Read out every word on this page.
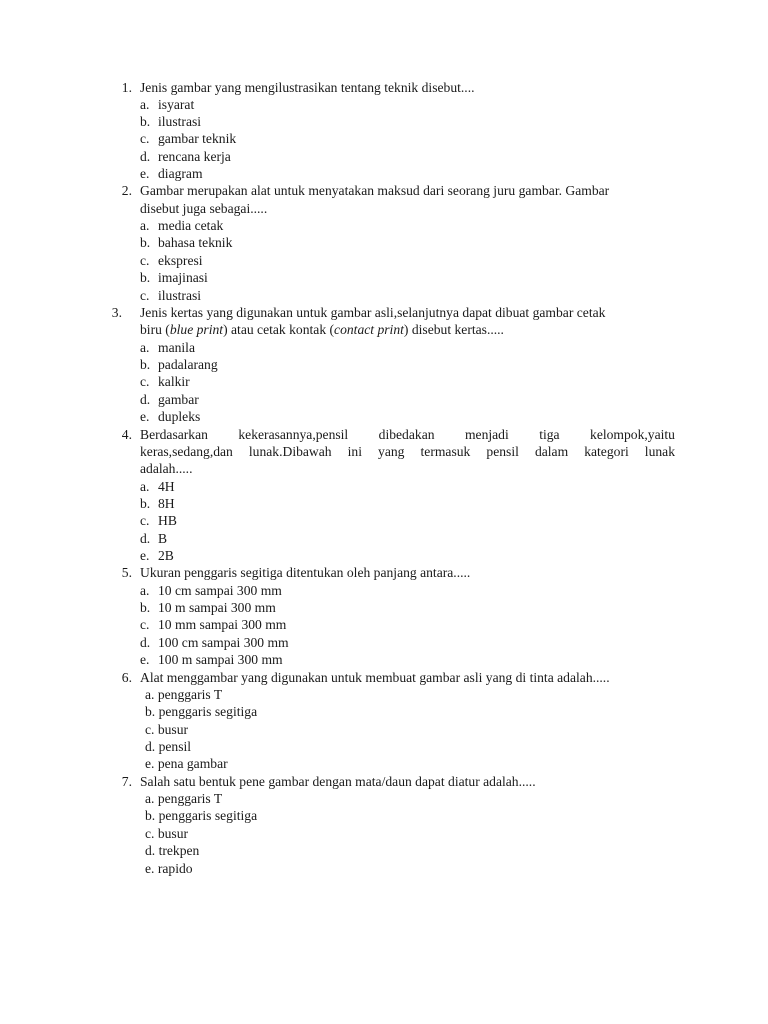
1. Jenis gambar yang mengilustrasikan tentang teknik disebut....
a. isyarat
b. ilustrasi
c. gambar teknik
d. rencana kerja
e. diagram
2. Gambar merupakan alat untuk menyatakan maksud dari seorang juru gambar. Gambar
disebut juga sebagai.....
a. media cetak
b. bahasa teknik
c. ekspresi
b. imajinasi
c. ilustrasi
3. Jenis kertas yang digunakan untuk gambar asli,selanjutnya dapat dibuat gambar cetak
biru (blue print) atau cetak kontak (contact print) disebut kertas.....
a. manila
b. padalarang
c. kalkir
d. gambar
e. dupleks
4. Berdasarkan kekerasannya,pensil dibedakan menjadi tiga kelompok,yaitu
keras,sedang,dan lunak.Dibawah ini yang termasuk pensil dalam kategori lunak
adalah.....
a. 4H
b. 8H
c. HB
d. B
e. 2B
5. Ukuran penggaris segitiga ditentukan oleh panjang antara.....
a. 10 cm sampai 300 mm
b. 10 m sampai 300 mm
c. 10 mm sampai 300 mm
d. 100 cm sampai 300 mm
e. 100 m sampai 300 mm
6. Alat menggambar yang digunakan untuk membuat gambar asli yang di tinta adalah.....
a. penggaris T
b. penggaris segitiga
c. busur
d. pensil
e. pena gambar
7. Salah satu bentuk pene gambar dengan mata/daun dapat diatur adalah.....
a. penggaris T
b. penggaris segitiga
c. busur
d. trekpen
e. rapido
